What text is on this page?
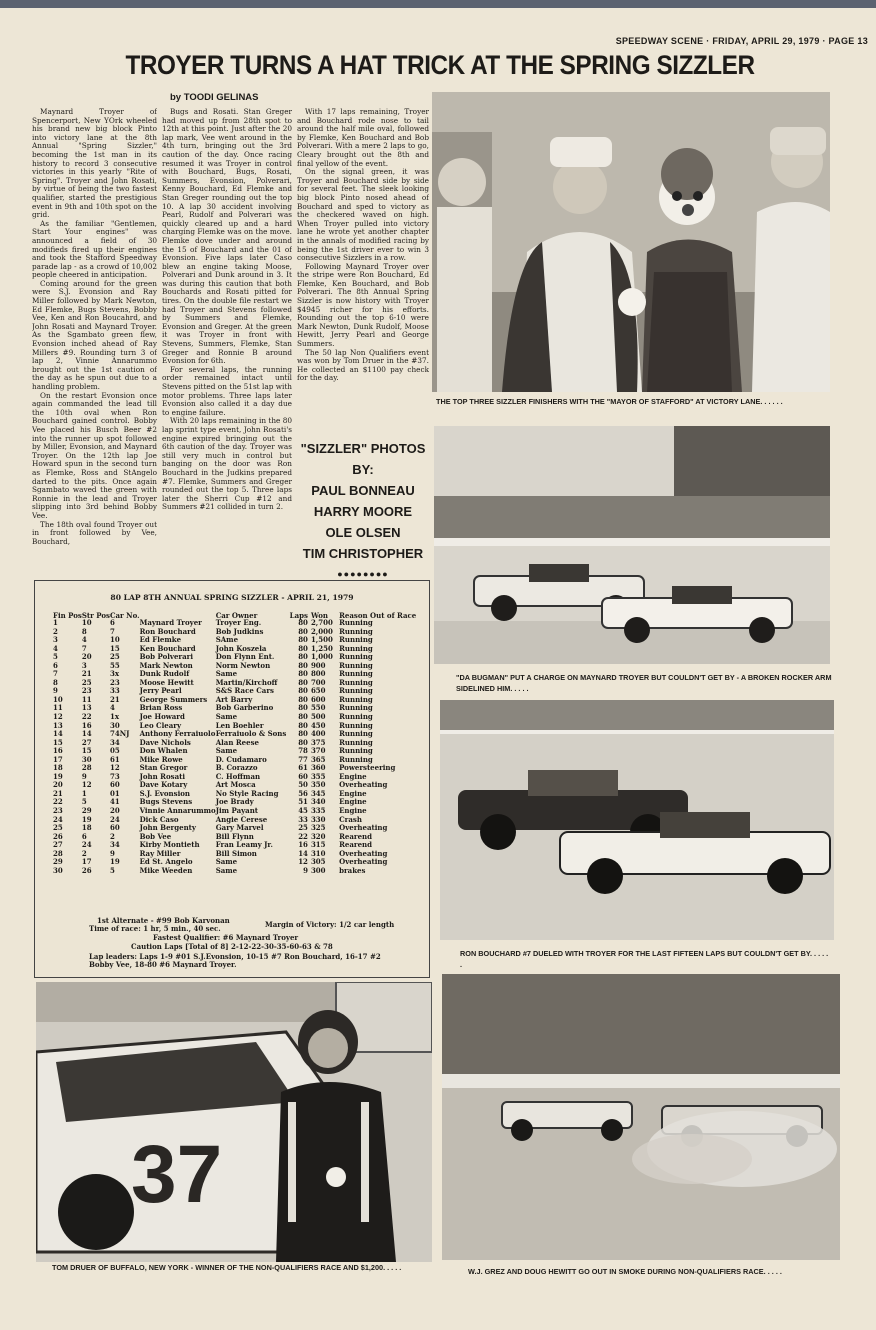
SPEEDWAY SCENE · FRIDAY, APRIL 29, 1979 · PAGE 13
TROYER TURNS A HAT TRICK AT THE SPRING SIZZLER
by TOODI GELINAS

Maynard Troyer of Spencerport, New YOrk wheeled his brand new big block Pinto into victory lane at the 8th Annual "Spring Sizzler," becoming the 1st man in its history to record 3 consecutive victories in this yearly "Rite of Spring". Troyer and John Rosati, by virtue of being the two fastest qualifier, started the prestigious event in 9th and 10th spot on the grid.

As the familiar "Gentlemen, Start Your engines" was announced a field of 30 modifieds fired up their engines and took the Stafford Speedway parade lap - as a crowd of 10,002 people cheered in anticipation.

Coming around for the green were S.J. Evonsion and Ray Miller followed by Mark Newton, Ed Flemke, Bugs Stevens, Bobby Vee, Ken and Ron Boucahrd, and John Rosati and Maynard Troyer. As the Sgambato green flew, Evonsion inched ahead of Ray Millers #9. Rounding turn 3 of lap 2, Vinnie Annarummo brought out the 1st caution of the day as he spun out due to a handling problem.

On the restart Evonsion once again commanded the lead till the 10th oval when Ron Bouchard gained control. Bobby Vee placed his Busch Beer #2 into the runner up spot followed by Miller, Evonsion, and Maynard Troyer. On the 12th lap Joe Howard spun in the second turn as Flemke, Ross and StAngelo darted to the pits. Once again Sgambato waved the green with Ronnie in the lead and Troyer slipping into 3rd behind Bobby Vee.

The 18th oval found Troyer out in front followed by Vee, Bouchard,

Bugs and Rosati. Stan Greger had moved up from 28th spot to 12th at this point. Just after the 20 lap mark, Vee went around in the 4th turn, bringing out the 3rd caution of the day. Once racing resumed it was Troyer in control with Bouchard, Bugs, Rosati, Summers, Evonsion, Polverari, Kenny Bouchard, Ed Flemke and Stan Greger rounding out the top 10. A lap 30 accident involving Pearl, Rudolf and Polverari was quickly cleared up and a hard charging Flemke was on the move. Flemke dove under and around the 15 of Bouchard and the 01 of Evonsion. Five laps later Caso blew an engine taking Moose, Polverari and Dunk around in 3. It was during this caution that both Bouchards and Rosati pitted for tires. On the double file restart we had Troyer and Stevens followed by Summers and Flemke, Evonsion and Greger. At the green it was Troyer in front with Stevens, Summers, Flemke, Stan Greger and Ronnie B around Evonsion for 6th.

For several laps, the running order remained intact until Stevens pitted on the 51st lap with motor problems. Three laps later Evonsion also called it a day due to engine failure.

With 20 laps remaining in the 80 lap sprint type event, John Rosati's engine expired bringing out the 6th caution of the day. Troyer was still very much in control but banging on the door was Ron Bouchard in the Judkins prepared #7. Flemke, Summers and Greger rounded out the top 5. Three laps later the Sherri Cup #12 and Summers #21 collided in turn 2.

With 17 laps remaining, Troyer and Bouchard rode nose to tail around the half mile oval, followed by Flemke, Ken Bouchard and Bob Polverari. With a mere 2 laps to go, Cleary brought out the 8th and final yellow of the event.

On the signal green, it was Troyer and Bouchard side by side for several feet. The sleek looking big block Pinto nosed ahead of Bouchard and sped to victory as the checkered waved on high. When Troyer pulled into victory lane he wrote yet another chapter in the annals of modified racing by being the 1st driver ever to win 3 consecutive Sizzlers in a row.

Following Maynard Troyer over the stripe were Ron Bouchard, Ed Flemke, Ken Bouchard, and Bob Polverari. The 8th Annual Spring Sizzler is now history with Troyer $4945 richer for his efforts. Rounding out the top 6-10 were Mark Newton, Dunk Rudolf, Moose Hewitt, Jerry Pearl and George Summers.

The 50 lap Non Qualifiers event was won by Tom Druer in the #37. He collected an $1100 pay check for the day.

"SIZZLER" PHOTOS
BY:
PAUL BONNEAU
HARRY MOORE
OLE OLSEN
TIM CHRISTOPHER
●●●●●●●●
THE TOP THREE SIZZLER FINISHERS WITH THE "MAYOR OF STAFFORD" AT VICTORY LANE. . . . . .
"DA BUGMAN" PUT A CHARGE ON MAYNARD TROYER BUT COULDN'T GET BY - A BROKEN ROCKER ARM SIDELINED HIM. . . . .
RON BOUCHARD #7 DUELED WITH TROYER FOR THE LAST FIFTEEN LAPS BUT COULDN'T GET BY. . . . . .
80 LAP 8TH ANNUAL SPRING SIZZLER - APRIL 21, 1979
Fin Pos	Str Pos	Car No.		Car Owner	Laps	Won	Reason Out of Race
1	10	6	Maynard Troyer	Troyer Eng.	80	2,700	Running
2	8	7	Ron Bouchard	Bob Judkins	80	2,000	Running
3	4	10	Ed Flemke	SAme	80	1,500	Running
4	7	15	Ken Bouchard	John Koszela	80	1,250	Running
5	20	25	Bob Polverari	Don Flynn Ent.	80	1,000	Running
6	3	55	Mark Newton	Norm Newton	80	900	Running
7	21	3x	Dunk Rudolf	Same	80	800	Running
8	25	23	Moose Hewitt	Martin/Kirchoff	80	700	Running
9	23	33	Jerry Pearl	S&S Race Cars	80	650	Running
10	11	21	George Summers	Art Barry	80	600	Running
11	13	4	Brian Ross	Bob Garberino	80	550	Running
12	22	1x	Joe Howard	Same	80	500	Running
13	16	30	Leo Cleary	Len Boehler	80	450	Running
14	14	74NJ	Anthony Ferraiuolo	Ferraiuolo & Sons	80	400	Running
15	27	34	Dave Nichols	Alan Reese	80	375	Running
16	15	05	Don Whalen	Same	78	370	Running
17	30	61	Mike Rowe	D. Cudamaro	77	365	Running
18	28	12	Stan Gregor	B. Corazzo	61	360	Powersteering
19	9	73	John Rosati	C. Hoffman	60	355	Engine
20	12	60	Dave Kotary	Art Mosca	50	350	Overheating
21	1	01	S.J. Evonsion	No Style Racing	56	345	Engine
22	5	41	Bugs Stevens	Joe Brady	51	340	Engine
23	29	20	Vinnie Annarummo	Jim Payant	45	335	Engine
24	19	24	Dick Caso	Angie Cerese	33	330	Crash
25	18	60	John Bergenty	Gary Marvel	25	325	Overheating
26	6	2	Bob Vee	Bill Flynn	22	320	Rearend
27	24	34	Kirby Montieth	Fran Leamy Jr.	16	315	Rearend
28	2	9	Ray Miller	Bill Simon	14	310	Overheating
29	17	19	Ed St. Angelo	Same	12	305	Overheating
30	26	5	Mike Weeden	Same	9	300	brakes
1st Alternate - #99 Bob Karvonan
Time of race: 1 hr, 5 min., 40 sec.	Margin of Victory: 1/2 car length
Fastest Qualifier: #6 Maynard Troyer
Caution Laps [Total of 8] 2-12-22-30-35-60-63 & 78
Lap leaders: Laps 1-9 #01 S.J.Evonsion, 10-15 #7 Ron Bouchard, 16-17 #2
Bobby Vee, 18-80 #6 Maynard Troyer.
37
TOM DRUER OF BUFFALO, NEW YORK - WINNER OF THE NON-QUALIFIERS RACE AND $1,200. . . . .	W.J. GREZ AND DOUG HEWITT GO OUT IN SMOKE DURING NON-QUALIFIERS RACE. . . . .
